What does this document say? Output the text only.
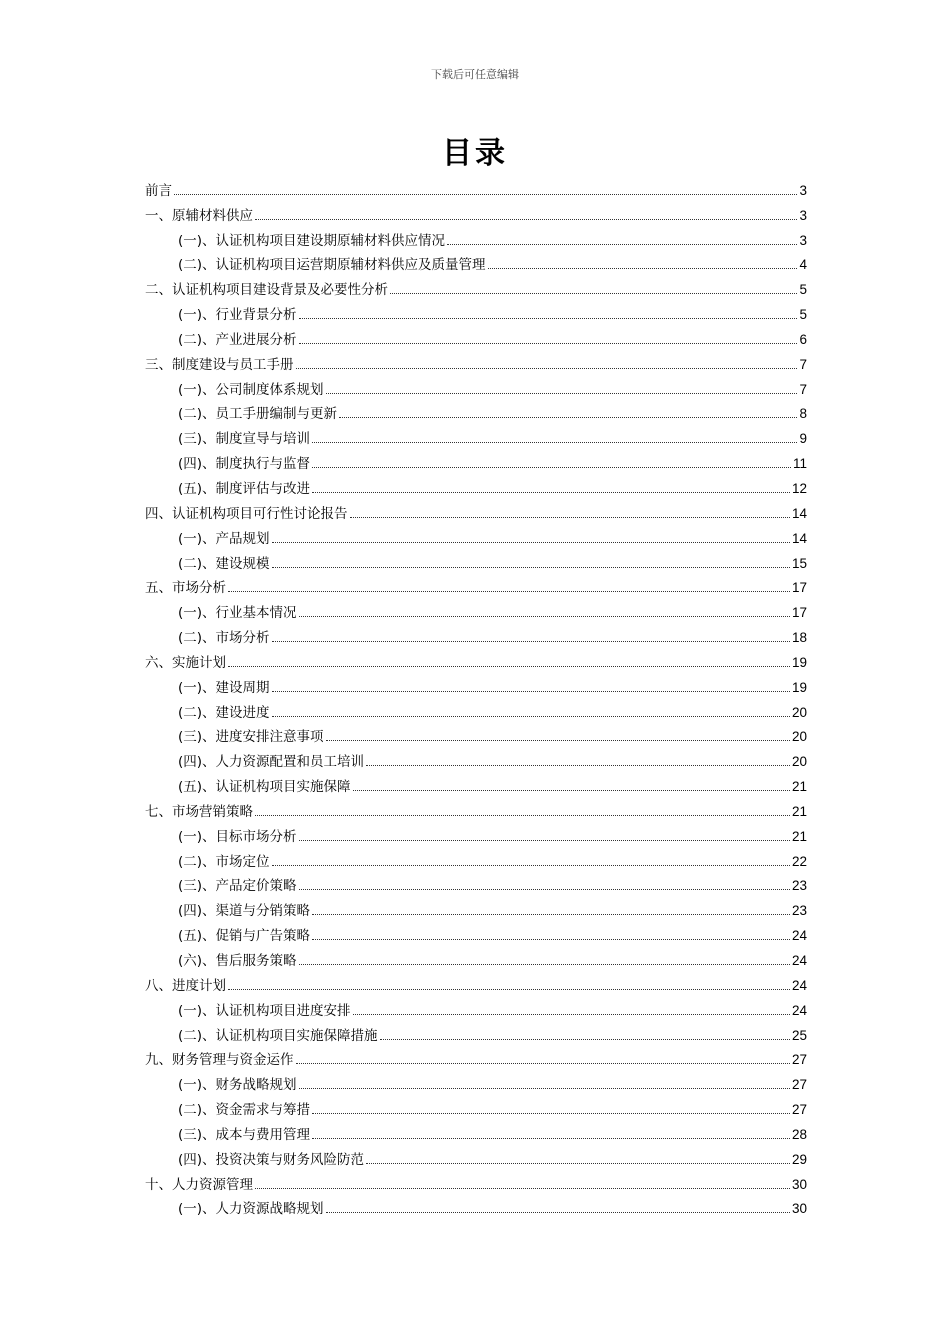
下载后可任意编辑
目录
前言	3
一、原辅材料供应	3
(一)、认证机构项目建设期原辅材料供应情况	3
(二)、认证机构项目运营期原辅材料供应及质量管理	4
二、认证机构项目建设背景及必要性分析	5
(一)、行业背景分析	5
(二)、产业进展分析	6
三、制度建设与员工手册	7
(一)、公司制度体系规划	7
(二)、员工手册编制与更新	8
(三)、制度宣导与培训	9
(四)、制度执行与监督	11
(五)、制度评估与改进	12
四、认证机构项目可行性讨论报告	14
(一)、产品规划	14
(二)、建设规模	15
五、市场分析	17
(一)、行业基本情况	17
(二)、市场分析	18
六、实施计划	19
(一)、建设周期	19
(二)、建设进度	20
(三)、进度安排注意事项	20
(四)、人力资源配置和员工培训	20
(五)、认证机构项目实施保障	21
七、市场营销策略	21
(一)、目标市场分析	21
(二)、市场定位	22
(三)、产品定价策略	23
(四)、渠道与分销策略	23
(五)、促销与广告策略	24
(六)、售后服务策略	24
八、进度计划	24
(一)、认证机构项目进度安排	24
(二)、认证机构项目实施保障措施	25
九、财务管理与资金运作	27
(一)、财务战略规划	27
(二)、资金需求与筹措	27
(三)、成本与费用管理	28
(四)、投资决策与财务风险防范	29
十、人力资源管理	30
(一)、人力资源战略规划	30
